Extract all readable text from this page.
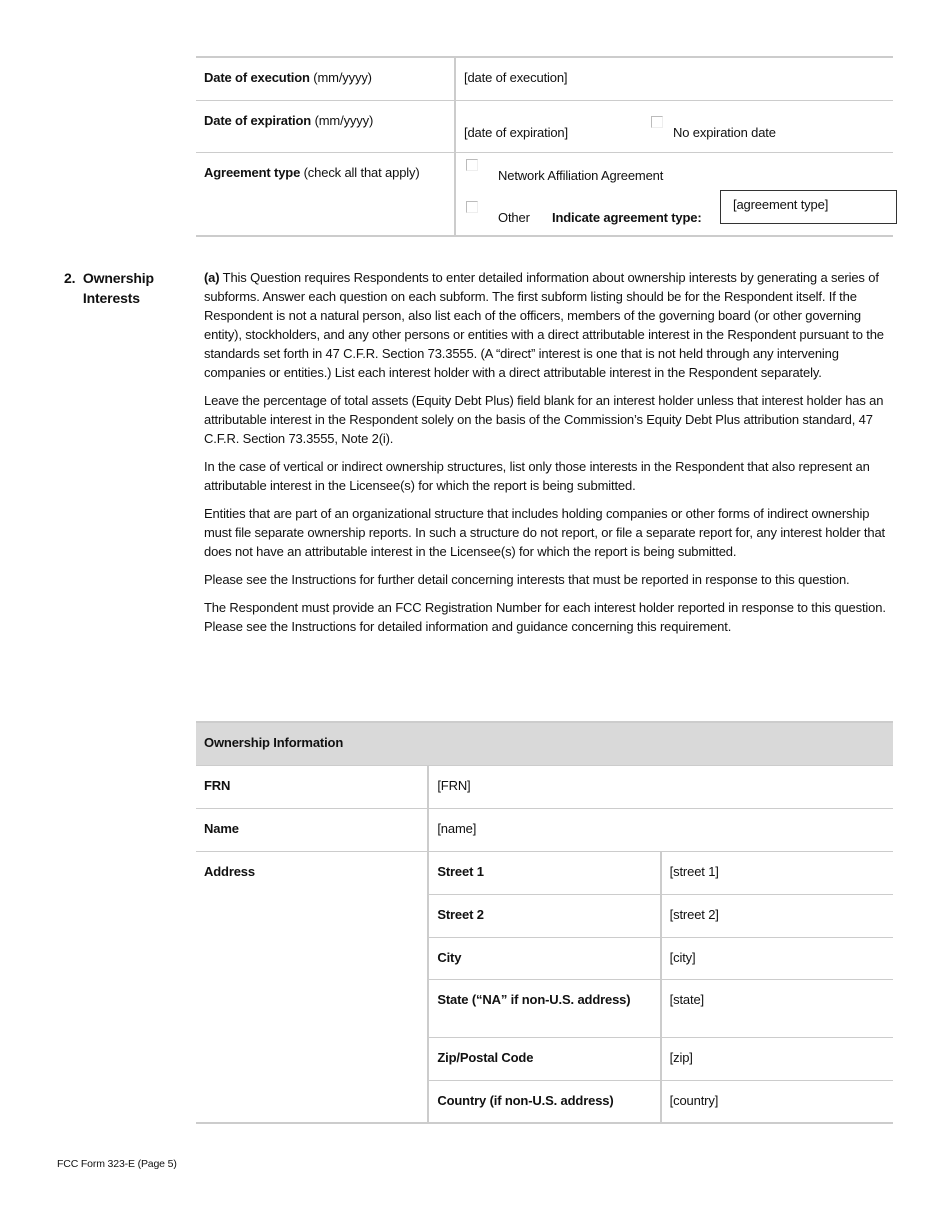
Date of execution (mm/yyyy)	[date of execution]
Date of expiration (mm/yyyy)	[date of expiration] No expiration date

Agreement type (check all that apply)	Network Affiliation Agreement
Other Indicate agreement type:
[agreement type]
2. Ownership Interests

(a) This Question requires Respondents to enter detailed information about ownership interests by generating a series of subforms. Answer each question on each subform. The first subform listing should be for the Respondent itself. If the Respondent is not a natural person, also list each of the officers, members of the governing board (or other governing entity), stockholders, and any other persons or entities with a direct attributable interest in the Respondent pursuant to the standards set forth in 47 C.F.R. Section 73.3555. (A “direct” interest is one that is not held through any intervening companies or entities.) List each interest holder with a direct attributable interest in the Respondent separately.

Leave the percentage of total assets (Equity Debt Plus) field blank for an interest holder unless that interest holder has an attributable interest in the Respondent solely on the basis of the Commission’s Equity Debt Plus attribution standard, 47 C.F.R. Section 73.3555, Note 2(i).

In the case of vertical or indirect ownership structures, list only those interests in the Respondent that also represent an attributable interest in the Licensee(s) for which the report is being submitted.

Entities that are part of an organizational structure that includes holding companies or other forms of indirect ownership must file separate ownership reports. In such a structure do not report, or file a separate report for, any interest holder that does not have an attributable interest in the Licensee(s) for which the report is being submitted.

Please see the Instructions for further detail concerning interests that must be reported in response to this question.

The Respondent must provide an FCC Registration Number for each interest holder reported in response to this question. Please see the Instructions for detailed information and guidance concerning this requirement.

Ownership Information		
FRN	[FRN]	
Name	[name]	
Address	Street 1	[street 1]
	Street 2	[street 2]
	City	[city]
	State (“NA” if non-U.S. address)	[state]
	Zip/Postal Code	[zip]
	Country (if non-U.S. address)	[country]
FCC Form 323-E (Page 5)
